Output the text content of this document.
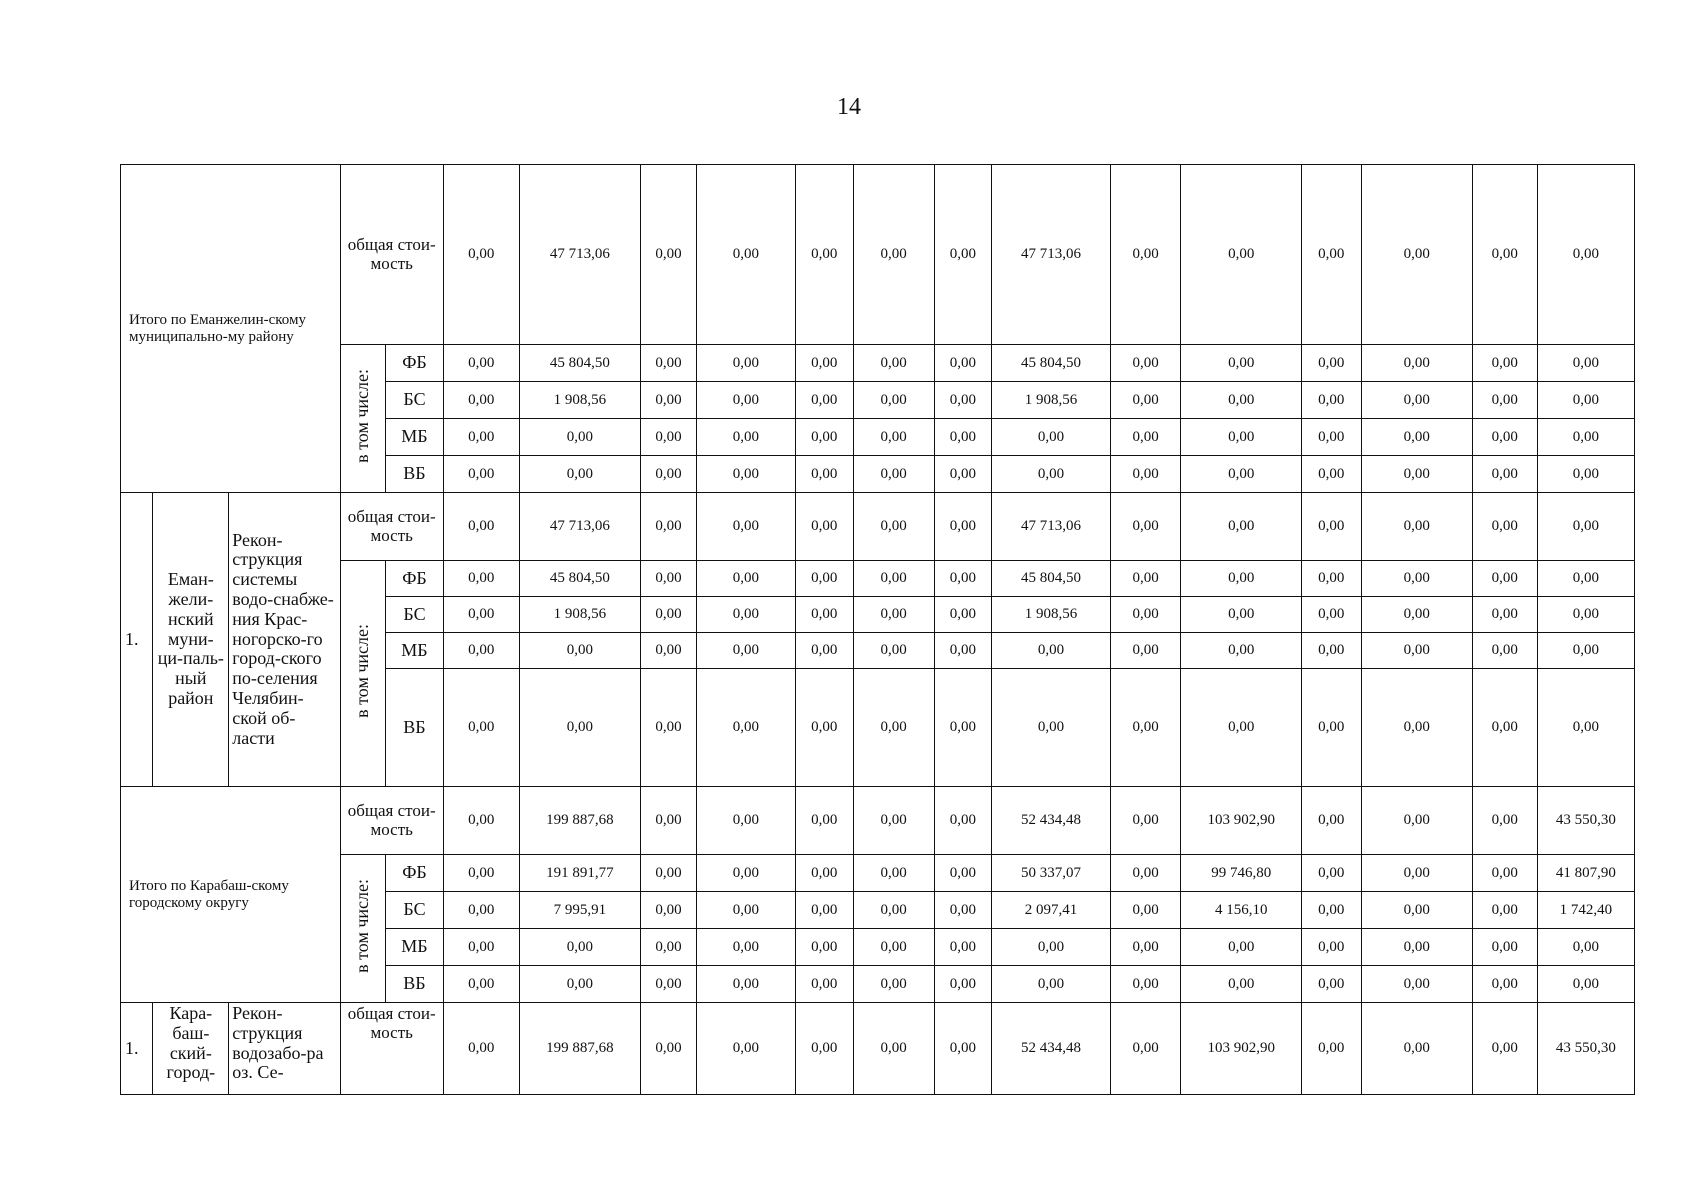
14
Итого по Еманжелин-скому муниципально-му району			общая стои-мость		0,00	47 713,06	0,00	0,00	0,00	0,00	0,00	47 713,06	0,00	0,00	0,00	0,00	0,00	0,00
			в том числе:	ФБ	0,00	45 804,50	0,00	0,00	0,00	0,00	0,00	45 804,50	0,00	0,00	0,00	0,00	0,00	0,00
				БС	0,00	1 908,56	0,00	0,00	0,00	0,00	0,00	1 908,56	0,00	0,00	0,00	0,00	0,00	0,00
				МБ	0,00	0,00	0,00	0,00	0,00	0,00	0,00	0,00	0,00	0,00	0,00	0,00	0,00	0,00
				ВБ	0,00	0,00	0,00	0,00	0,00	0,00	0,00	0,00	0,00	0,00	0,00	0,00	0,00	0,00
1.	Еман-жели-нский муни-ци-паль-ный район	Рекон-струкция системы водо-снабже-ния Крас-ногорско-го город-ского по-селения Челябин-ской об-ласти	общая стои-мость		0,00	47 713,06	0,00	0,00	0,00	0,00	0,00	47 713,06	0,00	0,00	0,00	0,00	0,00	0,00
			в том числе:	ФБ	0,00	45 804,50	0,00	0,00	0,00	0,00	0,00	45 804,50	0,00	0,00	0,00	0,00	0,00	0,00
				БС	0,00	1 908,56	0,00	0,00	0,00	0,00	0,00	1 908,56	0,00	0,00	0,00	0,00	0,00	0,00
				МБ	0,00	0,00	0,00	0,00	0,00	0,00	0,00	0,00	0,00	0,00	0,00	0,00	0,00	0,00
				ВБ	0,00	0,00	0,00	0,00	0,00	0,00	0,00	0,00	0,00	0,00	0,00	0,00	0,00	0,00
Итого по Карабаш-скому городскому округу			общая стои-мость		0,00	199 887,68	0,00	0,00	0,00	0,00	0,00	52 434,48	0,00	103 902,90	0,00	0,00	0,00	43 550,30
			в том числе:	ФБ	0,00	191 891,77	0,00	0,00	0,00	0,00	0,00	50 337,07	0,00	99 746,80	0,00	0,00	0,00	41 807,90
				БС	0,00	7 995,91	0,00	0,00	0,00	0,00	0,00	2 097,41	0,00	4 156,10	0,00	0,00	0,00	1 742,40
				МБ	0,00	0,00	0,00	0,00	0,00	0,00	0,00	0,00	0,00	0,00	0,00	0,00	0,00	0,00
				ВБ	0,00	0,00	0,00	0,00	0,00	0,00	0,00	0,00	0,00	0,00	0,00	0,00	0,00	0,00
1.	Кара-баш-ский-город-	Рекон-струкция водозабо-ра оз. Се-	общая стои-мость		0,00	199 887,68	0,00	0,00	0,00	0,00	0,00	52 434,48	0,00	103 902,90	0,00	0,00	0,00	43 550,30
